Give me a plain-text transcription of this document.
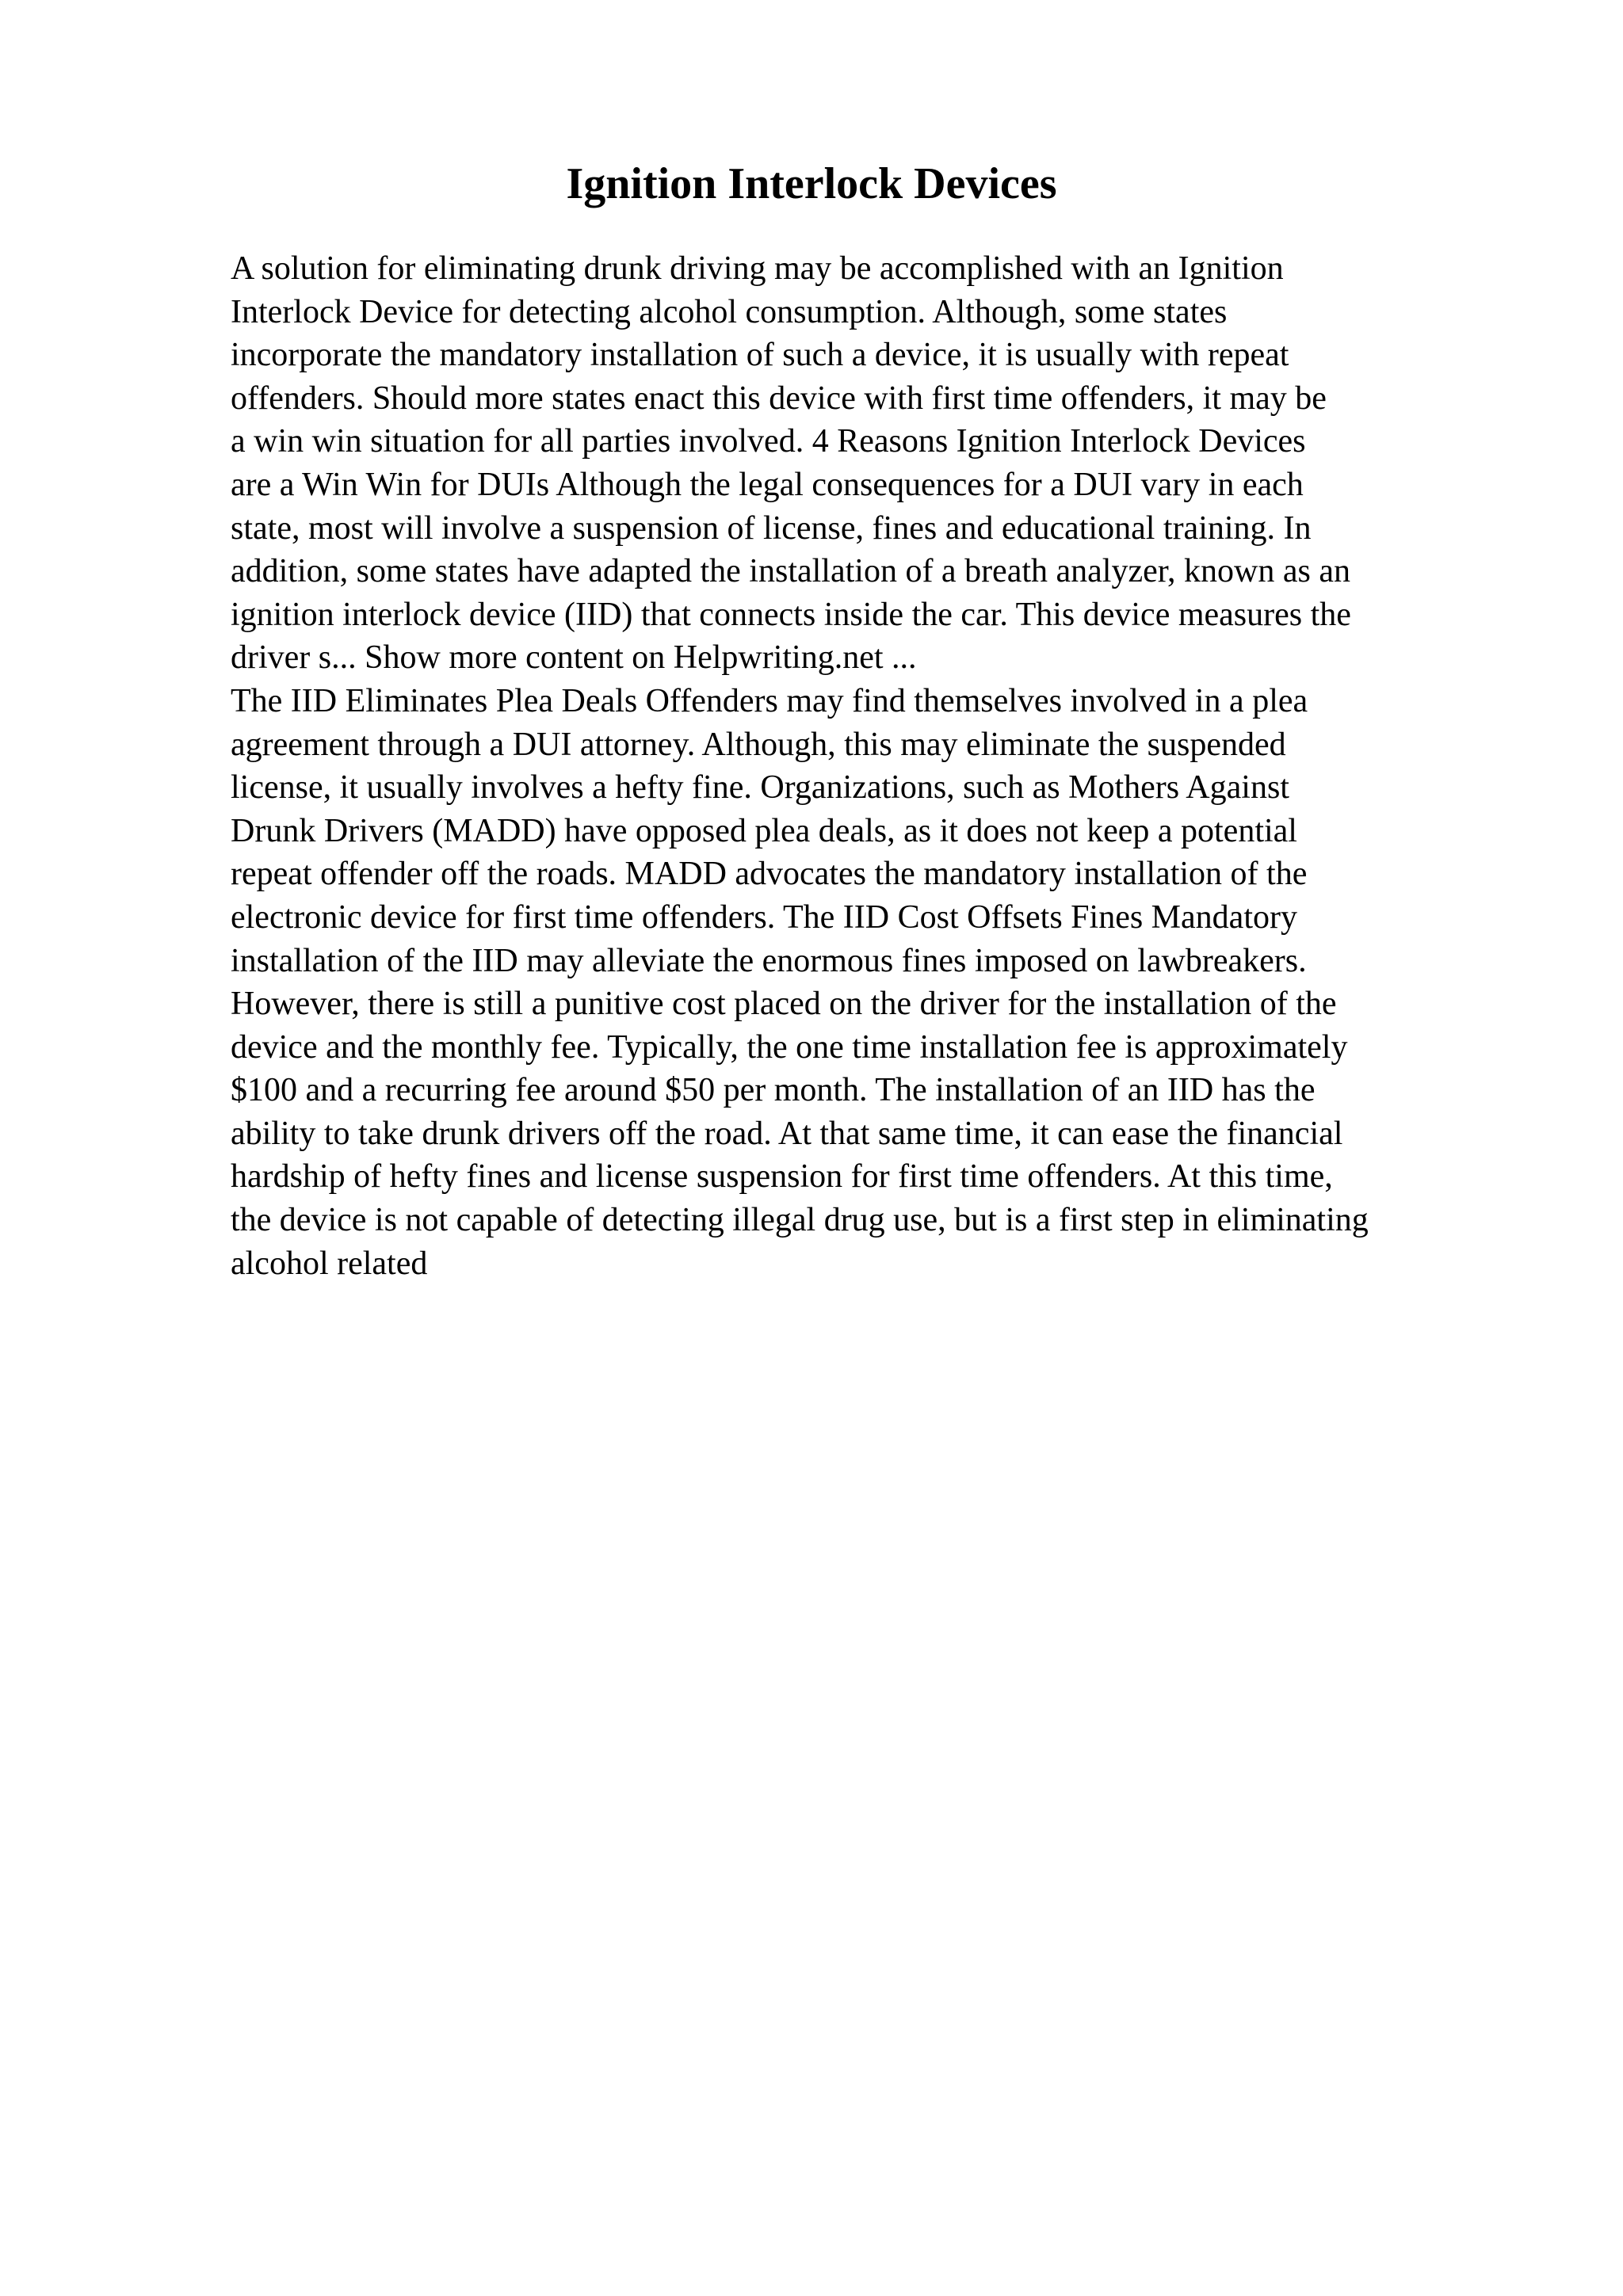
Ignition Interlock Devices
A solution for eliminating drunk driving may be accomplished with an Ignition
Interlock Device for detecting alcohol consumption. Although, some states
incorporate the mandatory installation of such a device, it is usually with repeat
offenders. Should more states enact this device with first time offenders, it may be
a win win situation for all parties involved. 4 Reasons Ignition Interlock Devices
are a Win Win for DUIs Although the legal consequences for a DUI vary in each
state, most will involve a suspension of license, fines and educational training. In
addition, some states have adapted the installation of a breath analyzer, known as an
ignition interlock device (IID) that connects inside the car. This device measures the
driver s... Show more content on Helpwriting.net ...
The IID Eliminates Plea Deals Offenders may find themselves involved in a plea
agreement through a DUI attorney. Although, this may eliminate the suspended
license, it usually involves a hefty fine. Organizations, such as Mothers Against
Drunk Drivers (MADD) have opposed plea deals, as it does not keep a potential
repeat offender off the roads. MADD advocates the mandatory installation of the
electronic device for first time offenders. The IID Cost Offsets Fines Mandatory
installation of the IID may alleviate the enormous fines imposed on lawbreakers.
However, there is still a punitive cost placed on the driver for the installation of the
device and the monthly fee. Typically, the one time installation fee is approximately
$100 and a recurring fee around $50 per month. The installation of an IID has the
ability to take drunk drivers off the road. At that same time, it can ease the financial
hardship of hefty fines and license suspension for first time offenders. At this time,
the device is not capable of detecting illegal drug use, but is a first step in eliminating
alcohol related
